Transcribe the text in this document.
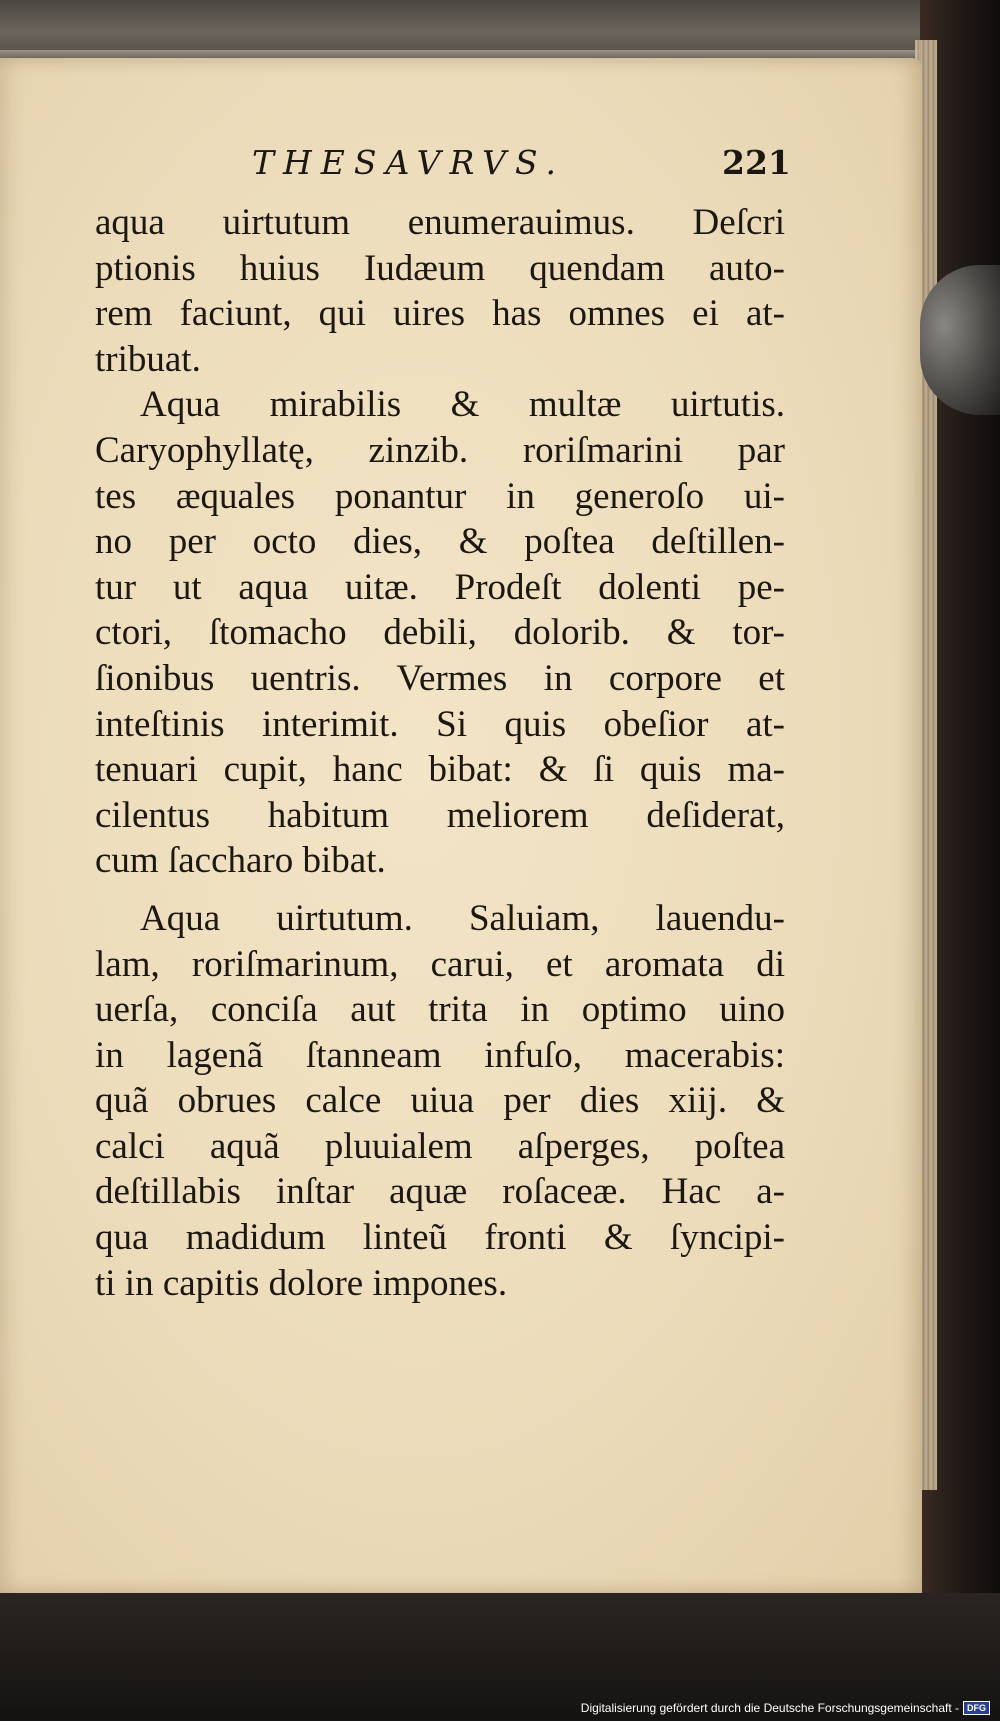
THESAVRVS.	221
aqua uirtutum enumerauimus. Deſcri
ptionis huius Iudæum quendam auto-
rem faciunt, qui uires has omnes ei at-
tribuat.
Aqua mirabilis & multæ uirtutis.
Caryophyllatę, zinzib. roriſmarini par
tes æquales ponantur in generoſo ui-
no per octo dies, & poſtea deſtillen-
tur ut aqua uitæ. Prodeſt dolenti pe-
ctori, ſtomacho debili, dolorib. & tor-
ſionibus uentris. Vermes in corpore et
inteſtinis interimit. Si quis obeſior at-
tenuari cupit, hanc bibat: & ſi quis ma-
cilentus habitum meliorem deſiderat,
cum ſaccharo bibat.
Aqua uirtutum. Saluiam, lauendu-
lam, roriſmarinum, carui, et aromata di
uerſa, conciſa aut trita in optimo uino
in lagenã ſtanneam infuſo, macerabis:
quã obrues calce uiua per dies xiij. &
calci aquã pluuialem aſperges, poſtea
deſtillabis inſtar aquæ roſaceæ. Hac a-
qua madidum linteũ fronti & ſyncipi-
ti in capitis dolore impones.
Digitalisierung gefördert durch die Deutsche Forschungsgemeinschaft - DFG
